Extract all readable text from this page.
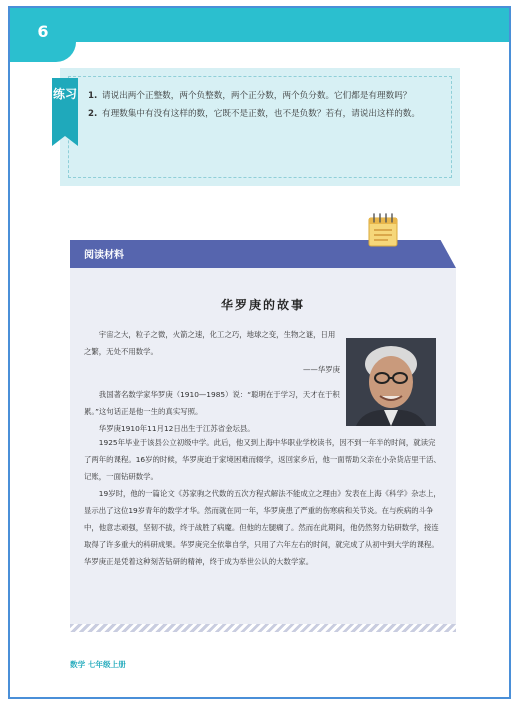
6
练习 1. 请说出两个正整数，两个负整数，两个正分数，两个负分数。它们都是有理数吗？
2. 有理数集中有没有这样的数，它既不是正数，也不是负数？若有，请说出这样的数。
阅读材料
华罗庚的故事
宇宙之大，粒子之微，火箭之速，化工之巧，地球之变，生物之谜，日用之繁，无处不用数学。
——华罗庚

我国著名数学家华罗庚（1910—1985）说：“聪明在于学习，天才在于积累。”这句话正是他一生的真实写照。

华罗庚1910年11月12日出生于江苏省金坛县。

1925年毕业于该县公立初级中学。此后，他又到上海中华职业学校读书，因不到一年半的时间，就读完了两年的课程。16岁的时候，华罗庚迫于家境困难而辍学，返回家乡后，他一面帮助父亲在小杂货店里干活、记账，一面钻研数学。

19岁时，他的一篇论文《苏家驹之代数的五次方程式解法不能成立之理由》发表在上海《科学》杂志上，显示出了这位19岁青年的数学才华。然而就在同一年，华罗庚患了严重的伤寒病和关节炎。在与疾病的斗争中，他意志顽强，坚韧不拔，终于战胜了病魔。但他的左腿瘸了。然而在此期间，他仍然努力钻研数学，接连取得了许多重大的科研成果。华罗庚完全依靠自学，只用了六年左右的时间，就完成了从初中到大学的课程。华罗庚正是凭着这种刻苦钻研的精神，终于成为举世公认的大数学家。

数学 七年级上册
